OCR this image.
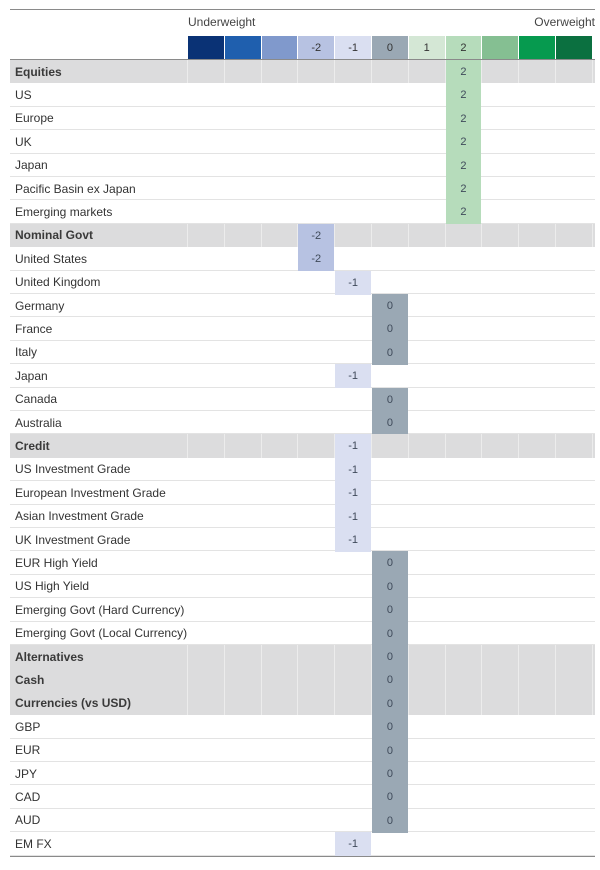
Underweight	Overweight
-2	-1	0	1	2
Equities	2
US	2
Europe	2
UK	2
Japan	2
Pacific Basin ex Japan	2
Emerging markets	2
Nominal Govt	-2
United States	-2
United Kingdom	-1
Germany	0
France	0
Italy	0
Japan	-1
Canada	0
Australia	0
Credit	-1
US Investment Grade	-1
European Investment Grade	-1
Asian Investment Grade	-1
UK Investment Grade	-1
EUR High Yield	0
US High Yield	0
Emerging Govt (Hard Currency)	0
Emerging Govt (Local Currency)	0
Alternatives	0
Cash	0
Currencies (vs USD)	0
GBP	0
EUR	0
JPY	0
CAD	0
AUD	0
EM FX	-1
